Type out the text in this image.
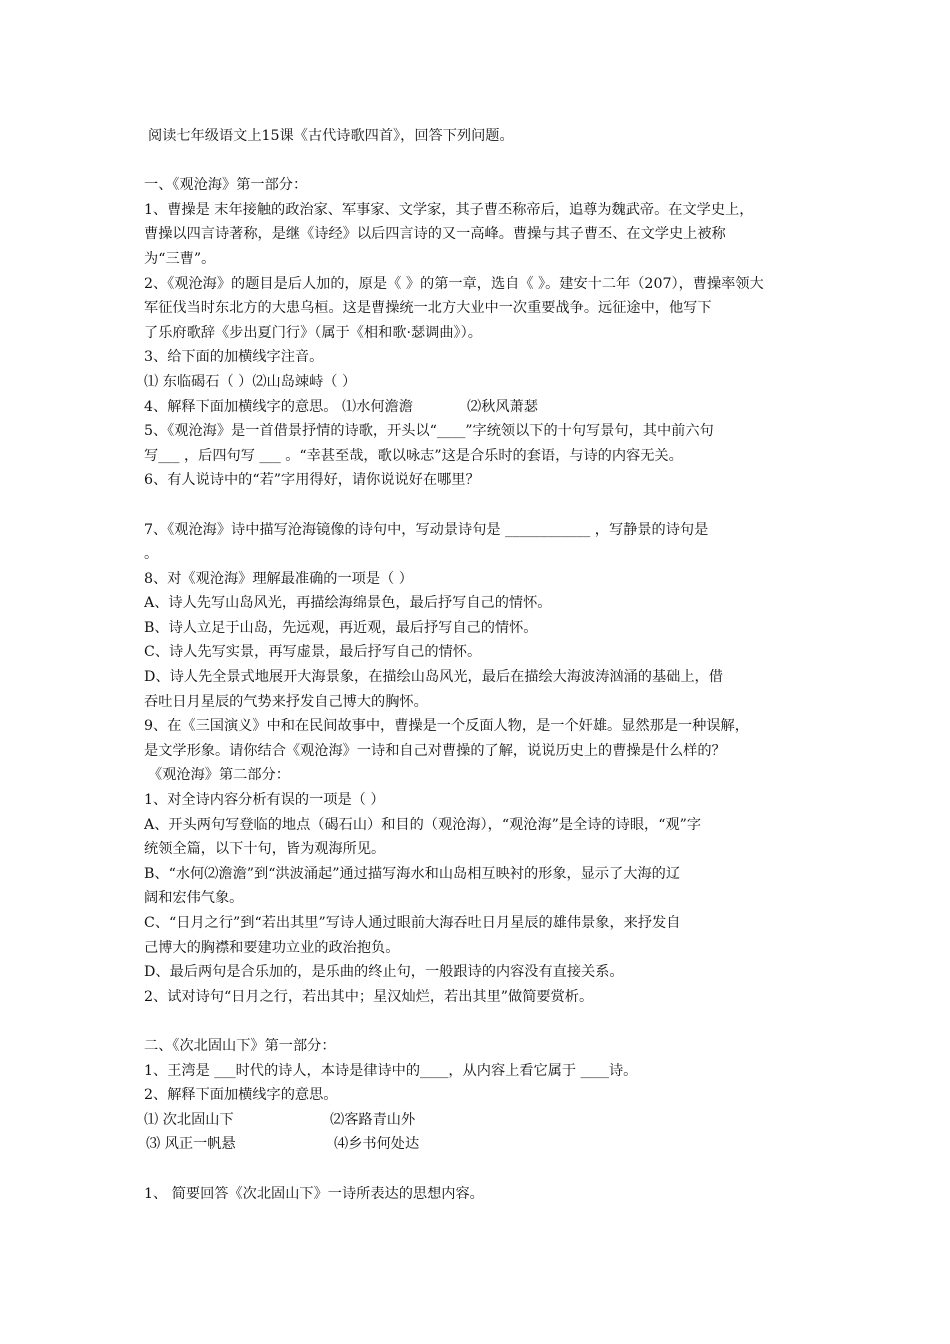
阅读七年级语文上15课《古代诗歌四首》，回答下列问题。
一、《观沧海》第一部分：
1、曹操是 末年接触的政治家、军事家、文学家，其子曹丕称帝后，追尊为魏武帝。在文学史上，
曹操以四言诗著称，是继《诗经》以后四言诗的又一高峰。曹操与其子曹丕、在文学史上被称
为“三曹”。
2、《观沧海》的题目是后人加的，原是《 》的第一章，选自《 》。建安十二年（207），曹操率领大
军征伐当时东北方的大患乌桓。这是曹操统一北方大业中一次重要战争。远征途中，他写下
了乐府歌辞《步出夏门行》（属于《相和歌·瑟调曲》）。
3、给下面的加横线字注音。
⑴ 东临碣石（ ）⑵山岛竦峙（ ）
4、解释下面加横线字的意思。 ⑴水何澹澹            ⑵秋风萧瑟
5、《观沧海》是一首借景抒情的诗歌，开头以“____”字统领以下的十句写景句，其中前六句
写___ ，后四句写 ___ 。“幸甚至哉，歌以咏志”这是合乐时的套语，与诗的内容无关。
6、有人说诗中的“若”字用得好，请你说说好在哪里？
7、《观沧海》诗中描写沧海镜像的诗句中，写动景诗句是 ____________ ，写静景的诗句是
。
8、对《观沧海》理解最准确的一项是（ ）
A、诗人先写山岛风光，再描绘海绵景色，最后抒写自己的情怀。
B、诗人立足于山岛，先远观，再近观，最后抒写自己的情怀。
C、诗人先写实景，再写虚景，最后抒写自己的情怀。
D、诗人先全景式地展开大海景象，在描绘山岛风光，最后在描绘大海波涛汹涌的基础上，借
吞吐日月星辰的气势来抒发自己博大的胸怀。
9、在《三国演义》中和在民间故事中，曹操是一个反面人物，是一个奸雄。显然那是一种误解，
是文学形象。请你结合《观沧海》一诗和自己对曹操的了解，说说历史上的曹操是什么样的？
《观沧海》第二部分：
1、对全诗内容分析有误的一项是（ ）
A、开头两句写登临的地点（碣石山）和目的（观沧海），“观沧海”是全诗的诗眼，“观”字
统领全篇，以下十句，皆为观海所见。
B、“水何⑵澹澹”到“洪波涌起”通过描写海水和山岛相互映衬的形象，显示了大海的辽
阔和宏伟气象。
C、“日月之行”到“若出其里”写诗人通过眼前大海吞吐日月星辰的雄伟景象，来抒发自
己博大的胸襟和要建功立业的政治抱负。
D、最后两句是合乐加的，是乐曲的终止句，一般跟诗的内容没有直接关系。
2、试对诗句“日月之行，若出其中；星汉灿烂，若出其里”做简要赏析。
二、《次北固山下》第一部分：
1、王湾是 ___时代的诗人，本诗是律诗中的____，从内容上看它属于 ____诗。
2、解释下面加横线字的意思。
⑴ 次北固山下	⑵客路青山外
⑶ 风正一帆悬	⑷乡书何处达
1、 简要回答《次北固山下》一诗所表达的思想内容。
